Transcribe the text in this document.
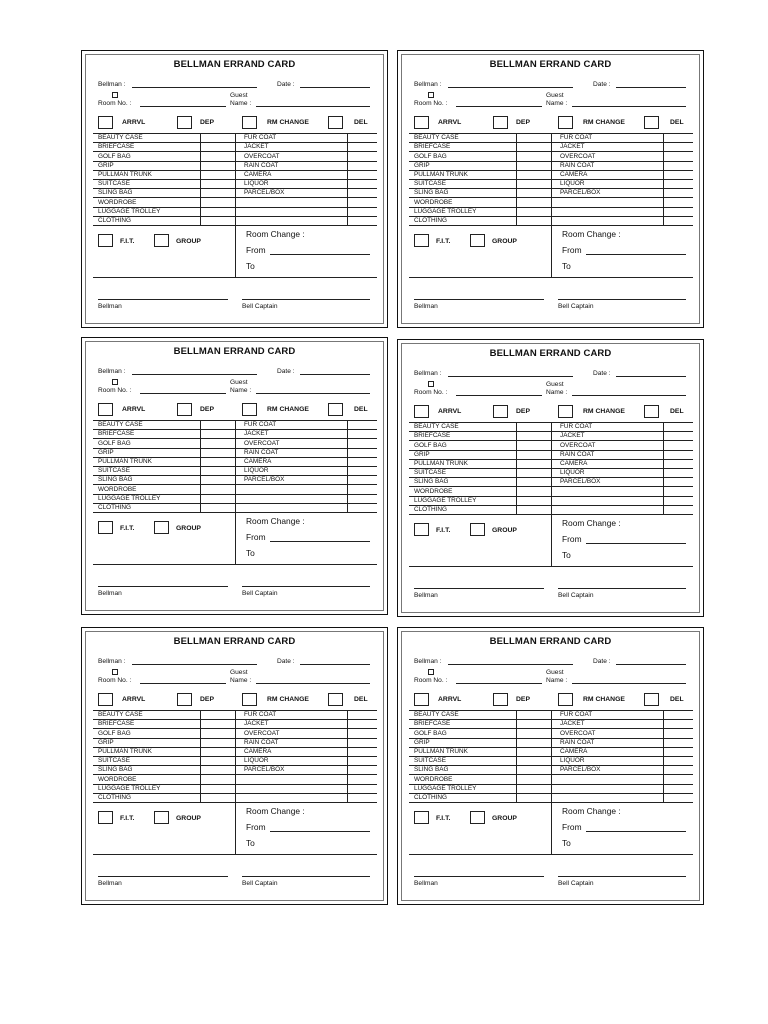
BELLMAN ERRAND CARD
Bellman :	Date :
Guest
Room No. :	Name :
ARRVL	DEP	RM CHANGE	DEL
BEAUTY CASE	FUR COAT
BRIEFCASE	JACKET
GOLF BAG	OVERCOAT
GRIP	RAIN COAT
PULLMAN TRUNK	CAMERA
SUITCASE	LIQUOR
SLING BAG	PARCEL/BOX
WORDROBE
LUGGAGE TROLLEY
CLOTHING
F.I.T.	GROUP
Room Change :
From
To
Bellman	Bell Captain
BELLMAN ERRAND CARD
Bellman :	Date :
Guest
Room No. :	Name :
ARRVL	DEP	RM CHANGE	DEL
BEAUTY CASE	FUR COAT
BRIEFCASE	JACKET
GOLF BAG	OVERCOAT
GRIP	RAIN COAT
PULLMAN TRUNK	CAMERA
SUITCASE	LIQUOR
SLING BAG	PARCEL/BOX
WORDROBE
LUGGAGE TROLLEY
CLOTHING
F.I.T.	GROUP
Room Change :
From
To
Bellman	Bell Captain
BELLMAN ERRAND CARD
Bellman :	Date :
Guest
Room No. :	Name :
ARRVL	DEP	RM CHANGE	DEL
BEAUTY CASE	FUR COAT
BRIEFCASE	JACKET
GOLF BAG	OVERCOAT
GRIP	RAIN COAT
PULLMAN TRUNK	CAMERA
SUITCASE	LIQUOR
SLING BAG	PARCEL/BOX
WORDROBE
LUGGAGE TROLLEY
CLOTHING
F.I.T.	GROUP
Room Change :
From
To
Bellman	Bell Captain
BELLMAN ERRAND CARD
Bellman :	Date :
Guest
Room No. :	Name :
ARRVL	DEP	RM CHANGE	DEL
BEAUTY CASE	FUR COAT
BRIEFCASE	JACKET
GOLF BAG	OVERCOAT
GRIP	RAIN COAT
PULLMAN TRUNK	CAMERA
SUITCASE	LIQUOR
SLING BAG	PARCEL/BOX
WORDROBE
LUGGAGE TROLLEY
CLOTHING
F.I.T.	GROUP
Room Change :
From
To
Bellman	Bell Captain
BELLMAN ERRAND CARD
Bellman :	Date :
Guest
Room No. :	Name :
ARRVL	DEP	RM CHANGE	DEL
BEAUTY CASE	FUR COAT
BRIEFCASE	JACKET
GOLF BAG	OVERCOAT
GRIP	RAIN COAT
PULLMAN TRUNK	CAMERA
SUITCASE	LIQUOR
SLING BAG	PARCEL/BOX
WORDROBE
LUGGAGE TROLLEY
CLOTHING
F.I.T.	GROUP
Room Change :
From
To
Bellman	Bell Captain
BELLMAN ERRAND CARD
Bellman :	Date :
Guest
Room No. :	Name :
ARRVL	DEP	RM CHANGE	DEL
BEAUTY CASE	FUR COAT
BRIEFCASE	JACKET
GOLF BAG	OVERCOAT
GRIP	RAIN COAT
PULLMAN TRUNK	CAMERA
SUITCASE	LIQUOR
SLING BAG	PARCEL/BOX
WORDROBE
LUGGAGE TROLLEY
CLOTHING
F.I.T.	GROUP
Room Change :
From
To
Bellman	Bell Captain
